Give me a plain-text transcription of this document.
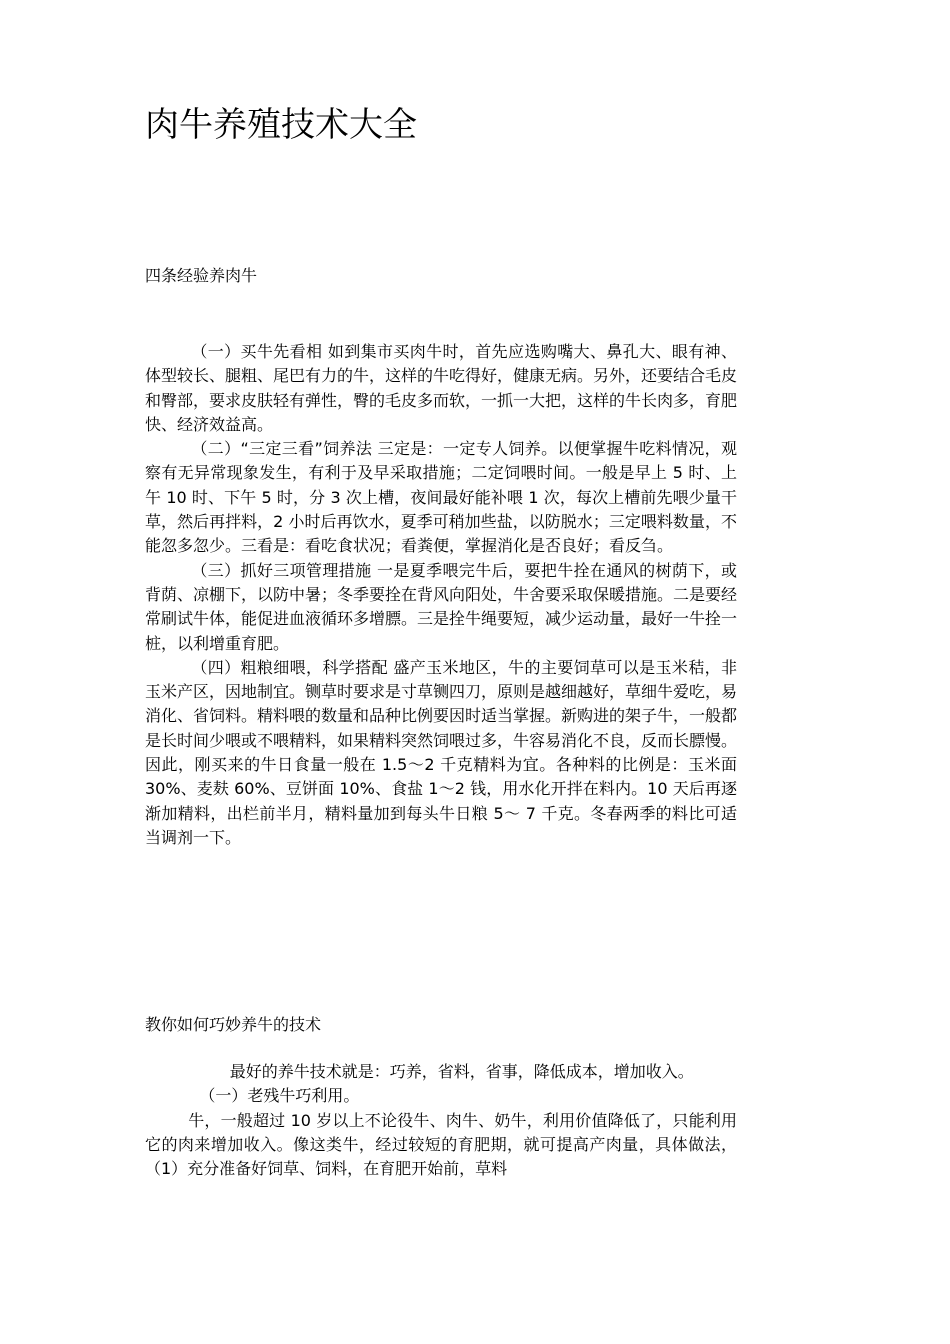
肉牛养殖技术大全
四条经验养肉牛

（一）买牛先看相 如到集市买肉牛时，首先应选购嘴大、鼻孔大、眼有神、体型较长、腿粗、尾巴有力的牛，这样的牛吃得好，健康无病。另外，还要结合毛皮和臀部，要求皮肤轻有弹性，臀的毛皮多而软，一抓一大把，这样的牛长肉多，育肥快、经济效益高。

（二）“三定三看”饲养法 三定是：一定专人饲养。以便掌握牛吃料情况，观察有无异常现象发生，有利于及早采取措施；二定饲喂时间。一般是早上 5 时、上午 10 时、下午 5 时，分 3 次上槽，夜间最好能补喂 1 次，每次上槽前先喂少量干草，然后再拌料，2 小时后再饮水，夏季可稍加些盐，以防脱水；三定喂料数量，不能忽多忽少。三看是：看吃食状况；看粪便，掌握消化是否良好；看反刍。

（三）抓好三项管理措施 一是夏季喂完牛后，要把牛拴在通风的树荫下，或背荫、凉棚下，以防中暑；冬季要拴在背风向阳处，牛舍要采取保暖措施。二是要经常刷试牛体，能促进血液循环多增膘。三是拴牛绳要短，减少运动量，最好一牛拴一桩，以利增重育肥。

（四）粗粮细喂，科学搭配 盛产玉米地区，牛的主要饲草可以是玉米秸，非玉米产区，因地制宜。铡草时要求是寸草铡四刀，原则是越细越好，草细牛爱吃，易消化、省饲料。精料喂的数量和品种比例要因时适当掌握。新购进的架子牛，一般都是长时间少喂或不喂精料，如果精料突然饲喂过多，牛容易消化不良，反而长膘慢。因此，刚买来的牛日食量一般在 1.5～2 千克精料为宜。各种料的比例是：玉米面 30%、麦麸 60%、豆饼面 10%、食盐 1～2 钱，用水化开拌在料内。10 天后再逐渐加精料，出栏前半月，精料量加到每头牛日粮 5～ 7 千克。冬春两季的料比可适当调剂一下。

教你如何巧妙养牛的技术

最好的养牛技术就是：巧养，省料，省事，降低成本，增加收入。

（一）老残牛巧利用。

牛，一般超过 10 岁以上不论役牛、肉牛、奶牛，利用价值降低了，只能利用它的肉来增加收入。像这类牛，经过较短的育肥期，就可提高产肉量，具体做法，（1）充分准备好饲草、饲料，在育肥开始前，草料
